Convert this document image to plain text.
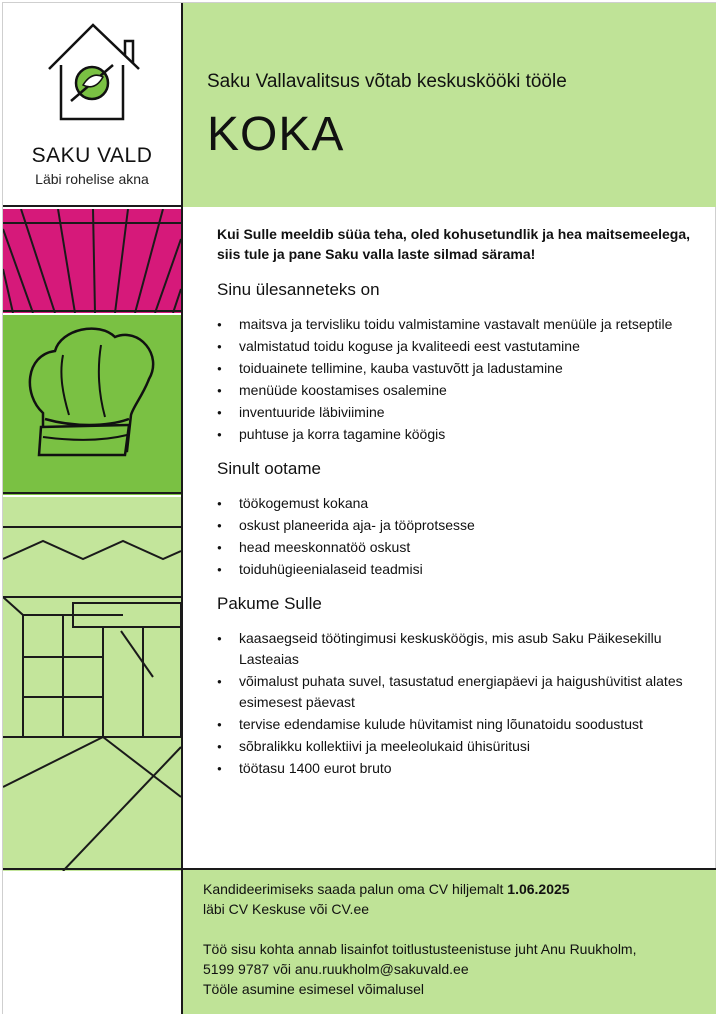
SAKU VALD
Läbi rohelise akna
Saku Vallavalitsus võtab keskuskööki tööle
KOKA

Kui Sulle meeldib süüa teha, oled kohusetundlik ja hea maitsemeelega, siis tule ja pane Saku valla laste silmad särama!

Sinu ülesanneteks on
● maitsva ja tervisliku toidu valmistamine vastavalt menüüle ja retseptile
● valmistatud toidu koguse ja kvaliteedi eest vastutamine
● toiduainete tellimine, kauba vastuvõtt ja ladustamine
● menüüde koostamises osalemine
● inventuuride läbiviimine
● puhtuse ja korra tagamine köögis
Sinult ootame
● töökogemust kokana
● oskust planeerida aja- ja tööprotsesse
● head meeskonnatöö oskust
● toiduhügieenialaseid teadmisi
Pakume Sulle
● kaasaegseid töötingimusi keskusköögis, mis asub Saku Päikesekillu Lasteaias
● võimalust puhata suvel, tasustatud energiapäevi ja haigushüvitist alates esimesest päevast
● tervise edendamise kulude hüvitamist ning lõunatoidu soodustust
● sõbralikku kollektiivi ja meeleolukaid ühisüritusi
● töötasu 1400 eurot bruto

Kandideerimiseks saada palun oma CV hiljemalt 1.06.2025

läbi CV Keskuse või CV.ee

Töö sisu kohta annab lisainfot toitlustusteenistuse juht Anu Ruukholm,

5199 9787 või anu.ruukholm@sakuvald.ee

Tööle asumine esimesel võimalusel
